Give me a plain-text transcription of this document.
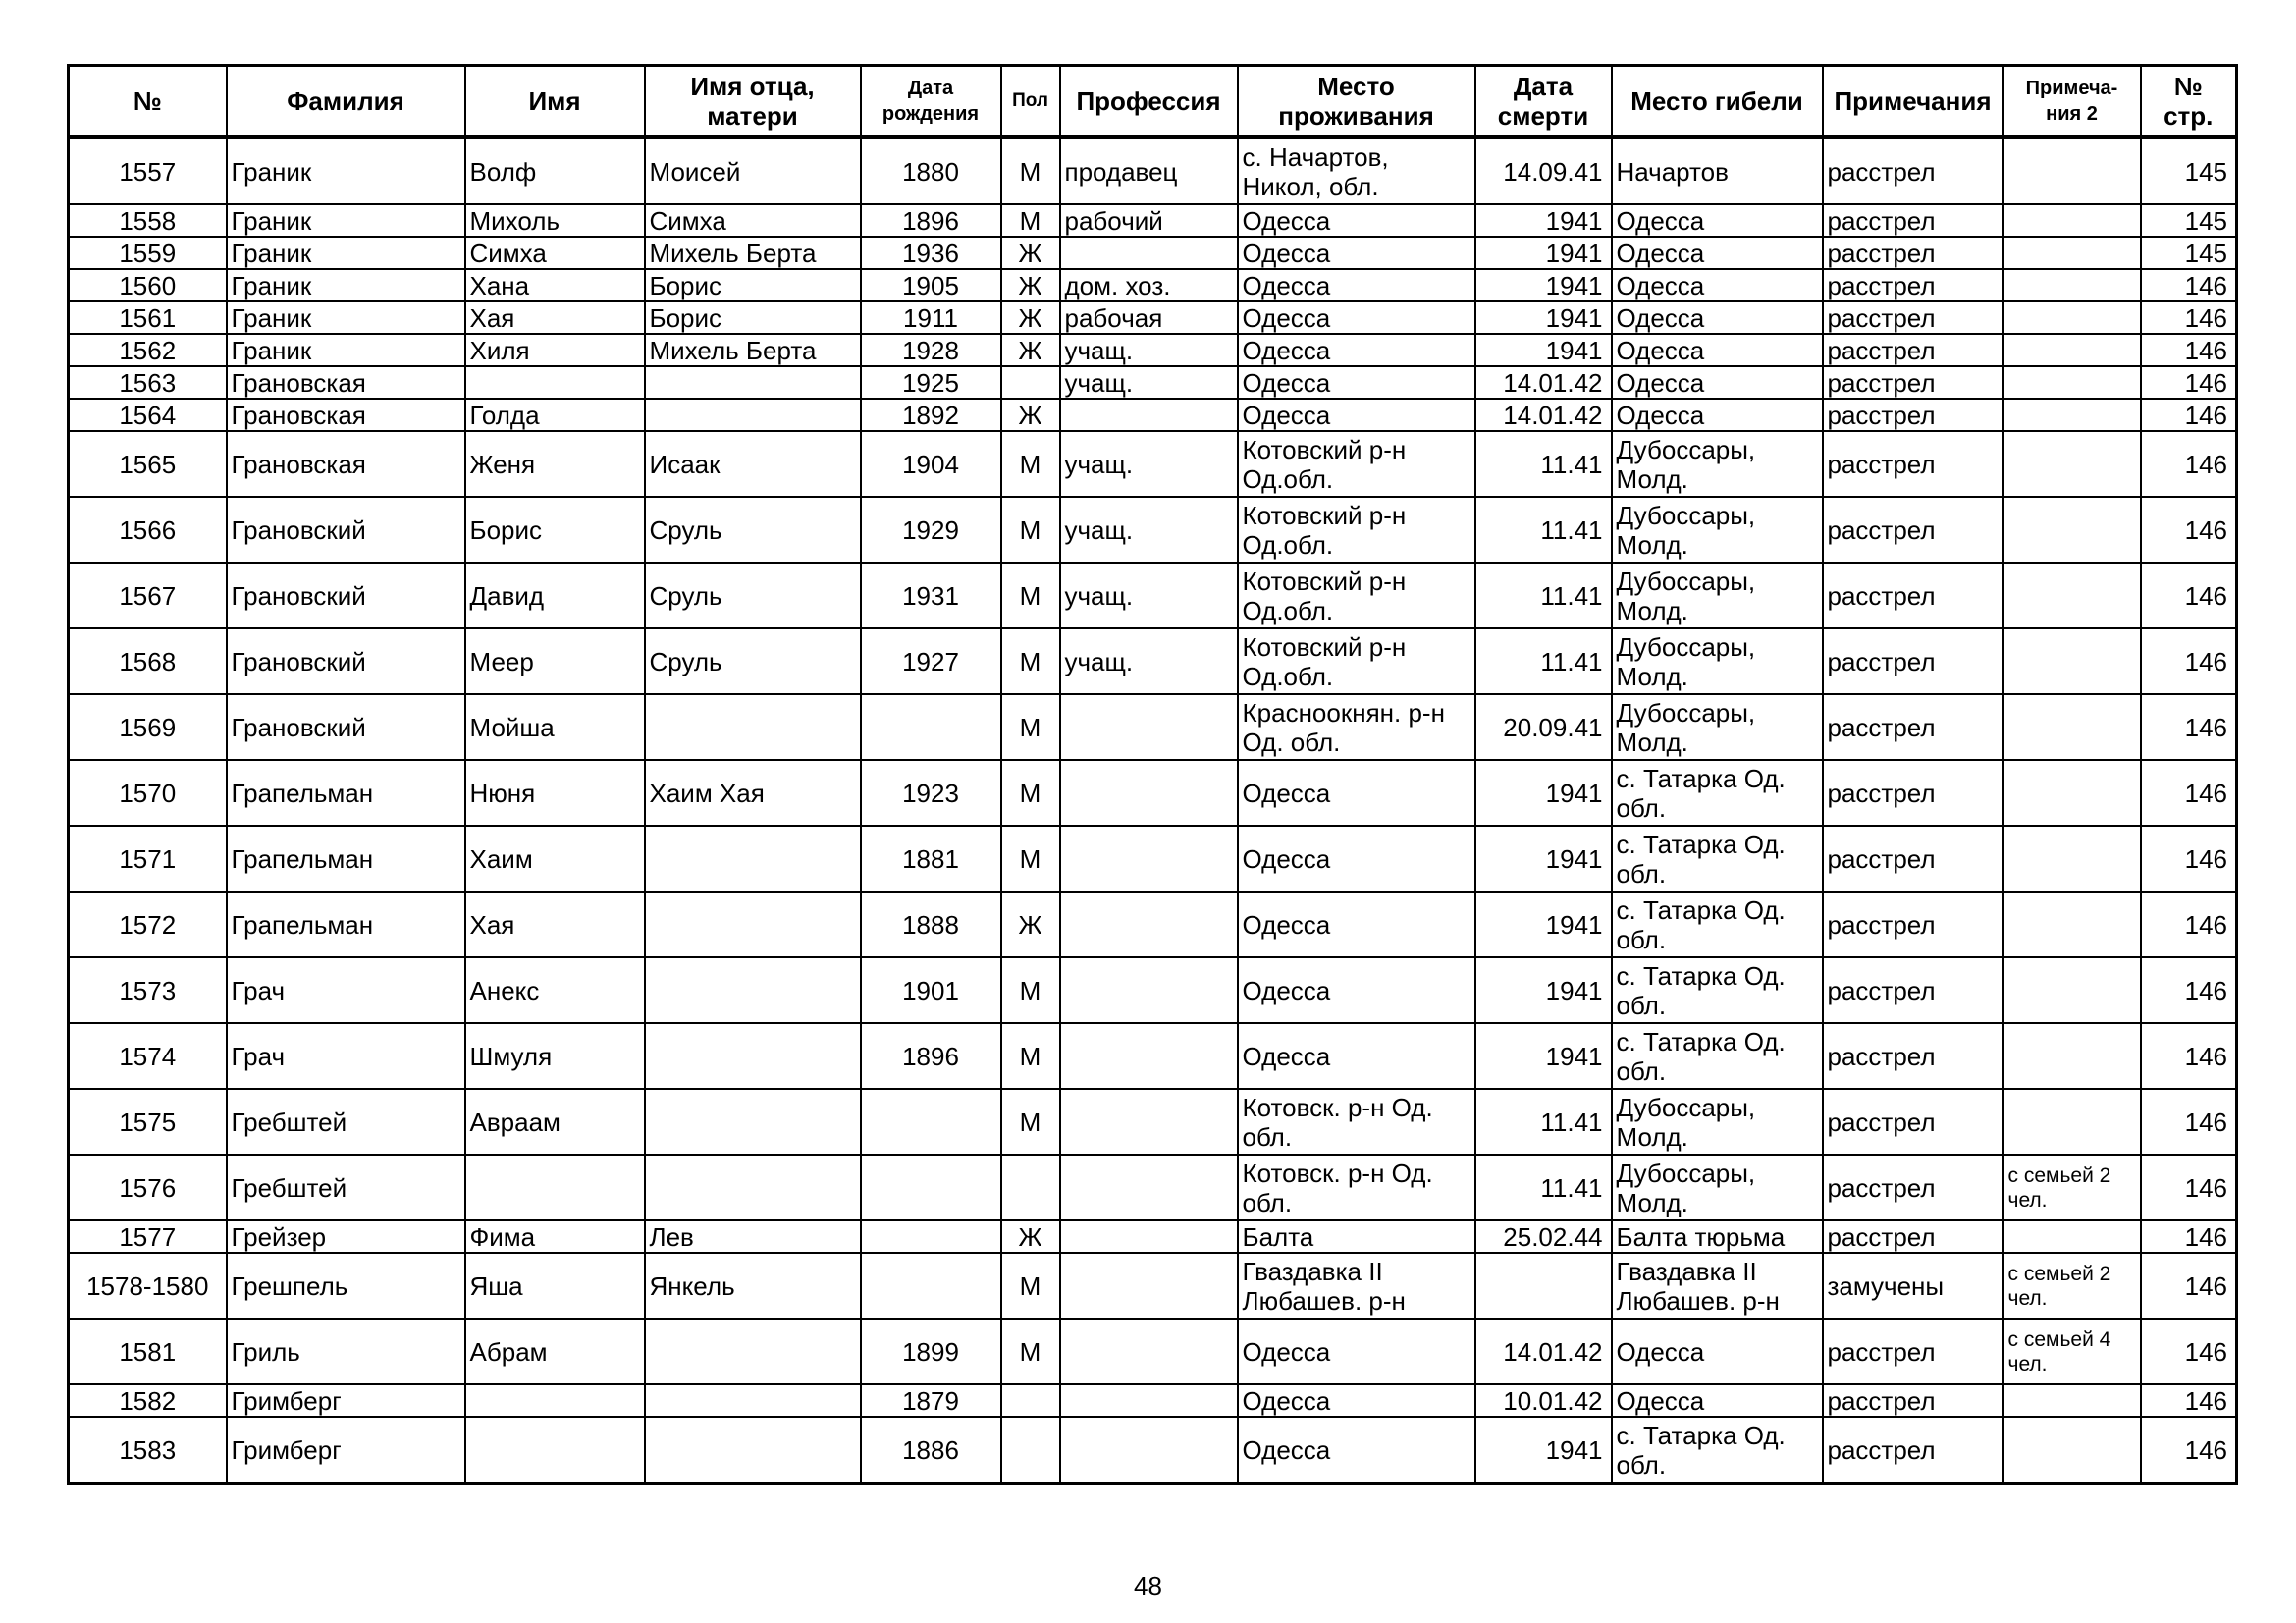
№	Фамилия	Имя	Имя отца,
матери	Дата
рождения	Пол	Профессия	Место
проживания	Дата
смерти	Место гибели	Примечания	Примеча-
ния 2	№
стр.
1557	Граник	Волф	Моисей	1880	М	продавец	с. Начартов,
Никол, обл.	14.09.41	Начартов	расстрел		145
1558	Граник	Михоль	Симха	1896	М	рабочий	Одесса	1941	Одесса	расстрел		145
1559	Граник	Симха	Михель Берта	1936	Ж		Одесса	1941	Одесса	расстрел		145
1560	Граник	Хана	Борис	1905	Ж	дом. хоз.	Одесса	1941	Одесса	расстрел		146
1561	Граник	Хая	Борис	1911	Ж	рабочая	Одесса	1941	Одесса	расстрел		146
1562	Граник	Хиля	Михель Берта	1928	Ж	учащ.	Одесса	1941	Одесса	расстрел		146
1563	Грановская			1925		учащ.	Одесса	14.01.42	Одесса	расстрел		146
1564	Грановская	Голда		1892	Ж		Одесса	14.01.42	Одесса	расстрел		146
1565	Грановская	Женя	Исаак	1904	М	учащ.	Котовский р-н
Од.обл.	11.41	Дубоссары,
Молд.	расстрел		146
1566	Грановский	Борис	Сруль	1929	М	учащ.	Котовский р-н
Од.обл.	11.41	Дубоссары,
Молд.	расстрел		146
1567	Грановский	Давид	Сруль	1931	М	учащ.	Котовский р-н
Од.обл.	11.41	Дубоссары,
Молд.	расстрел		146
1568	Грановский	Меер	Сруль	1927	М	учащ.	Котовский р-н
Од.обл.	11.41	Дубоссары,
Молд.	расстрел		146
1569	Грановский	Мойша			М		Красноокнян. р-н
Од. обл.	20.09.41	Дубоссары,
Молд.	расстрел		146
1570	Грапельман	Нюня	Хаим Хая	1923	М		Одесса	1941	с. Татарка Од.
обл.	расстрел		146
1571	Грапельман	Хаим		1881	М		Одесса	1941	с. Татарка Од.
обл.	расстрел		146
1572	Грапельман	Хая		1888	Ж		Одесса	1941	с. Татарка Од.
обл.	расстрел		146
1573	Грач	Анекс		1901	М		Одесса	1941	с. Татарка Од.
обл.	расстрел		146
1574	Грач	Шмуля		1896	М		Одесса	1941	с. Татарка Од.
обл.	расстрел		146
1575	Гребштей	Авраам			М		Котовск. р-н Од.
обл.	11.41	Дубоссары,
Молд.	расстрел		146
1576	Гребштей						Котовск. р-н Од.
обл.	11.41	Дубоссары,
Молд.	расстрел	с семьей 2
чел.	146
1577	Грейзер	Фима	Лев		Ж		Балта	25.02.44	Балта тюрьма	расстрел		146
1578-1580	Грешпель	Яша	Янкель		М		Гваздавка II
Любашев. р-н		Гваздавка II
Любашев. р-н	замучены	с семьей 2
чел.	146
1581	Гриль	Абрам		1899	М		Одесса	14.01.42	Одесса	расстрел	с семьей 4
чел.	146
1582	Гримберг			1879			Одесса	10.01.42	Одесса	расстрел		146
1583	Гримберг			1886			Одесса	1941	с. Татарка Од.
обл.	расстрел		146
48
